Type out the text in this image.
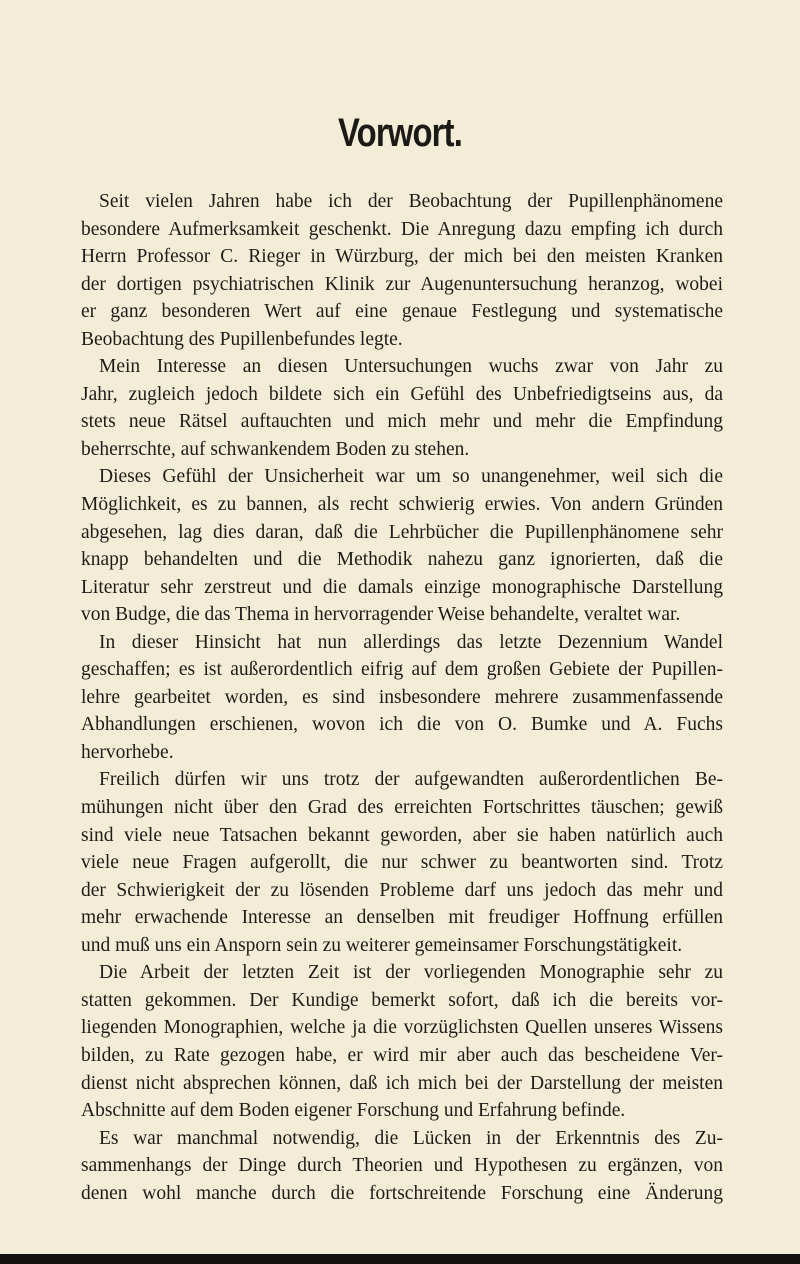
Vorwort.
Seit vielen Jahren habe ich der Beobachtung der Pupillenphänomene
besondere Aufmerksamkeit geschenkt. Die Anregung dazu empfing ich durch
Herrn Professor C. Rieger in Würzburg, der mich bei den meisten Kranken
der dortigen psychiatrischen Klinik zur Augenuntersuchung heranzog, wobei
er ganz besonderen Wert auf eine genaue Festlegung und systematische
Beobachtung des Pupillenbefundes legte.
Mein Interesse an diesen Untersuchungen wuchs zwar von Jahr zu
Jahr, zugleich jedoch bildete sich ein Gefühl des Unbefriedigtseins aus, da
stets neue Rätsel auftauchten und mich mehr und mehr die Empfindung
beherrschte, auf schwankendem Boden zu stehen.
Dieses Gefühl der Unsicherheit war um so unangenehmer, weil sich die
Möglichkeit, es zu bannen, als recht schwierig erwies. Von andern Gründen
abgesehen, lag dies daran, daß die Lehrbücher die Pupillenphänomene sehr
knapp behandelten und die Methodik nahezu ganz ignorierten, daß die
Literatur sehr zerstreut und die damals einzige monographische Darstellung
von Budge, die das Thema in hervorragender Weise behandelte, veraltet war.
In dieser Hinsicht hat nun allerdings das letzte Dezennium Wandel
geschaffen; es ist außerordentlich eifrig auf dem großen Gebiete der Pupillen-
lehre gearbeitet worden, es sind insbesondere mehrere zusammenfassende
Abhandlungen erschienen, wovon ich die von O. Bumke und A. Fuchs
hervorhebe.
Freilich dürfen wir uns trotz der aufgewandten außerordentlichen Be-
mühungen nicht über den Grad des erreichten Fortschrittes täuschen; gewiß
sind viele neue Tatsachen bekannt geworden, aber sie haben natürlich auch
viele neue Fragen aufgerollt, die nur schwer zu beantworten sind. Trotz
der Schwierigkeit der zu lösenden Probleme darf uns jedoch das mehr und
mehr erwachende Interesse an denselben mit freudiger Hoffnung erfüllen
und muß uns ein Ansporn sein zu weiterer gemeinsamer Forschungstätigkeit.
Die Arbeit der letzten Zeit ist der vorliegenden Monographie sehr zu
statten gekommen. Der Kundige bemerkt sofort, daß ich die bereits vor-
liegenden Monographien, welche ja die vorzüglichsten Quellen unseres Wissens
bilden, zu Rate gezogen habe, er wird mir aber auch das bescheidene Ver-
dienst nicht absprechen können, daß ich mich bei der Darstellung der meisten
Abschnitte auf dem Boden eigener Forschung und Erfahrung befinde.
Es war manchmal notwendig, die Lücken in der Erkenntnis des Zu-
sammenhangs der Dinge durch Theorien und Hypothesen zu ergänzen, von
denen wohl manche durch die fortschreitende Forschung eine Änderung
